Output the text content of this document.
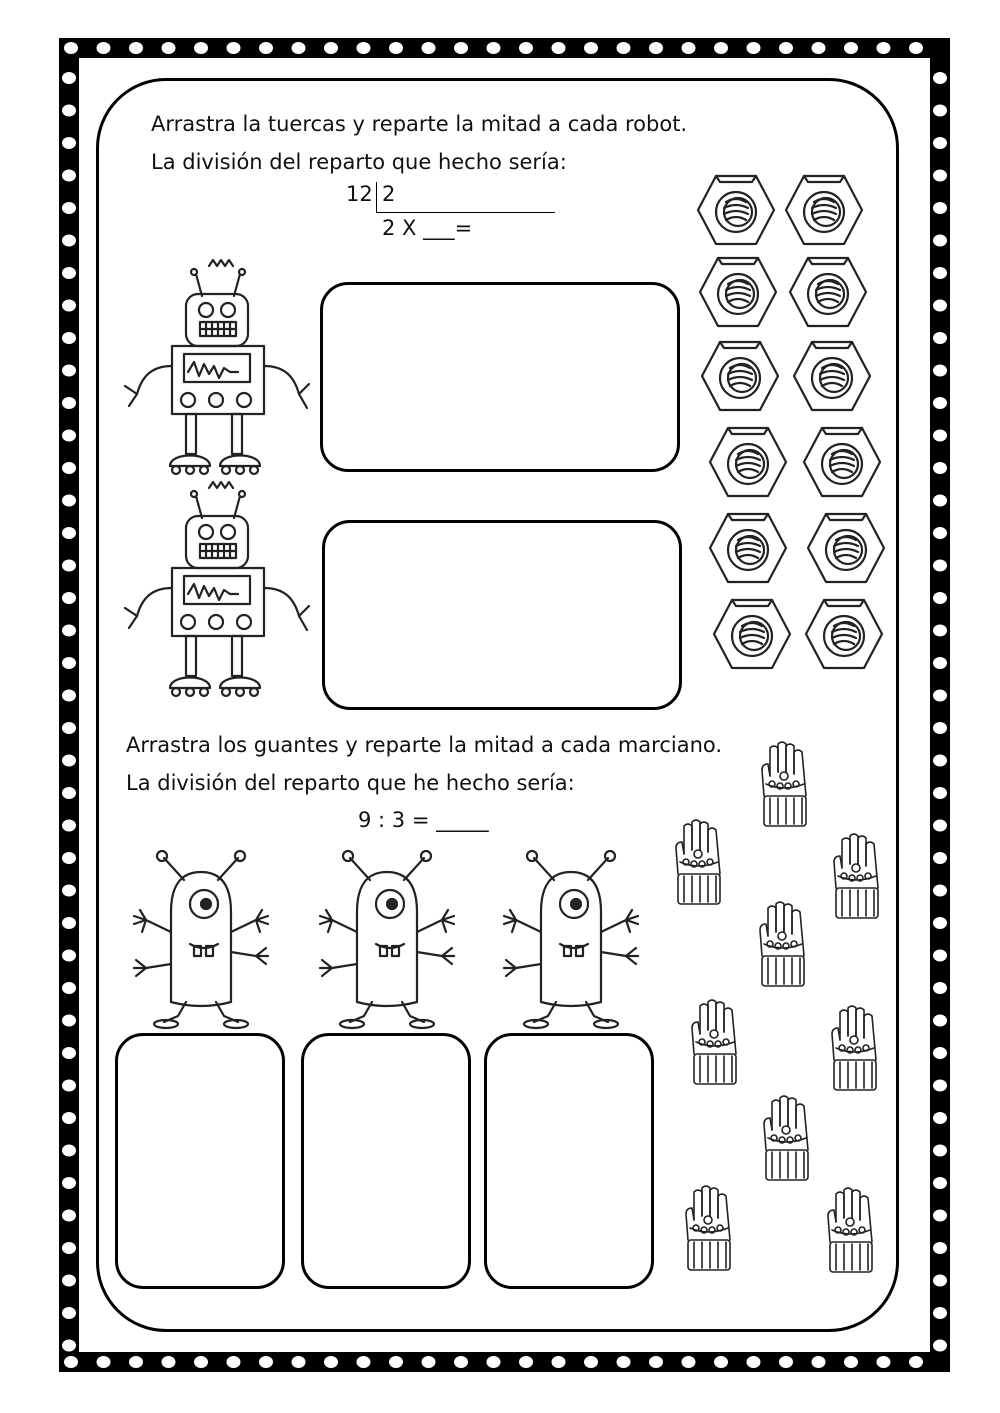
Arrastra la tuercas y reparte la mitad a cada robot.
La división del reparto que hecho sería:
12 2
2 X ___=
Arrastra los guantes y reparte la mitad a cada marciano.
La división del reparto que he hecho sería:
9 : 3 = _____
